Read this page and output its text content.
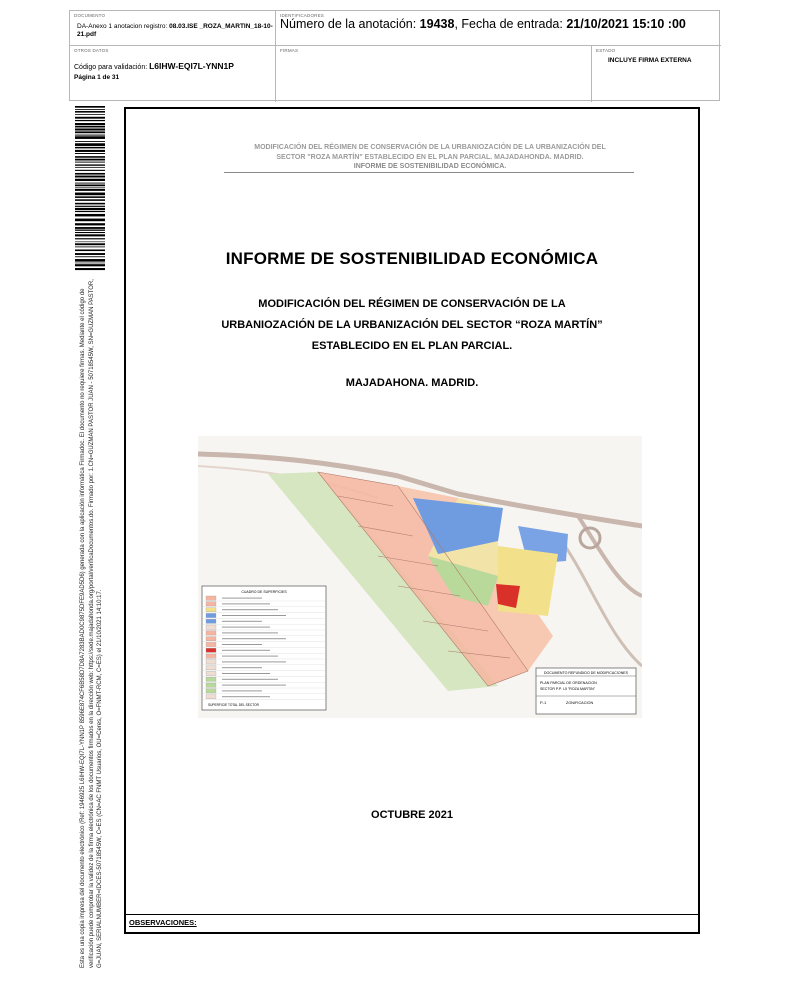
DOCUMENTO
DA-Anexo 1 anotacion registro: 08.03.ISE _ROZA_MARTIN_18-10-21.pdf
IDENTIFICADORES
Número de la anotación: 19438, Fecha de entrada: 21/10/2021 15:10 :00
OTROS DATOS
Código para validación: L6IHW-EQI7L-YNN1P
Página 1 de 31
FIRMAS	ESTADO
INCLUYE FIRMA EXTERNA

Esta es una copia impresa del documento electrónico (Ref: 1946925 L6IHW-EQI7L-YNN1P 8596E874CF6B58D7D8A7283BAD0C9875DFE9AD5D6) generada con la aplicación informática Firmadoc. El documento no requiere firmas. Mediante el código de verificación puede comprobar la validez de la firma electrónica de los documentos firmados en la dirección web: https://sede.majadahonda.org/portal/verificaDocumentos.do. Firmado por: 1.CN=GUZMAN PASTOR JUAN - 50718545W, SN=GUZMAN PASTOR, G=JUAN, SERIALNUMBER=IDCES-50718545W, C=ES (CN=AC FNMT Usuarios, OU=Ceres, O=FNMT-RCM, C=ES) el 21/10/2021 14:10:17.

MODIFICACIÓN DEL RÉGIMEN DE CONSERVACIÓN DE LA URBANIOZACIÓN DE LA URBANIZACIÓN DEL
SECTOR "ROZA MARTÍN" ESTABLECIDO EN EL PLAN PARCIAL. MAJADAHONDA. MADRID.
INFORME DE SOSTENIBILIDAD ECONÓMICA.
INFORME DE SOSTENIBILIDAD ECONÓMICA
MODIFICACIÓN DEL RÉGIMEN DE CONSERVACIÓN DE LA
URBANIOZACIÓN DE LA URBANIZACIÓN DEL SECTOR “ROZA MARTÍN”
ESTABLECIDO EN EL PLAN PARCIAL.
MAJADAHONA. MADRID.
CUADRO DE SUPERFICIES
SUPERFICIE TOTAL DEL SECTOR
DOCUMENTO REFUNDIDO DE MODIFICACIONES
PLAN PARCIAL DE ORDENACION
SECTOR P.P. I-5 "ROZA MARTIN"
P-1	ZONIFICACION
OCTUBRE 2021
OBSERVACIONES:
